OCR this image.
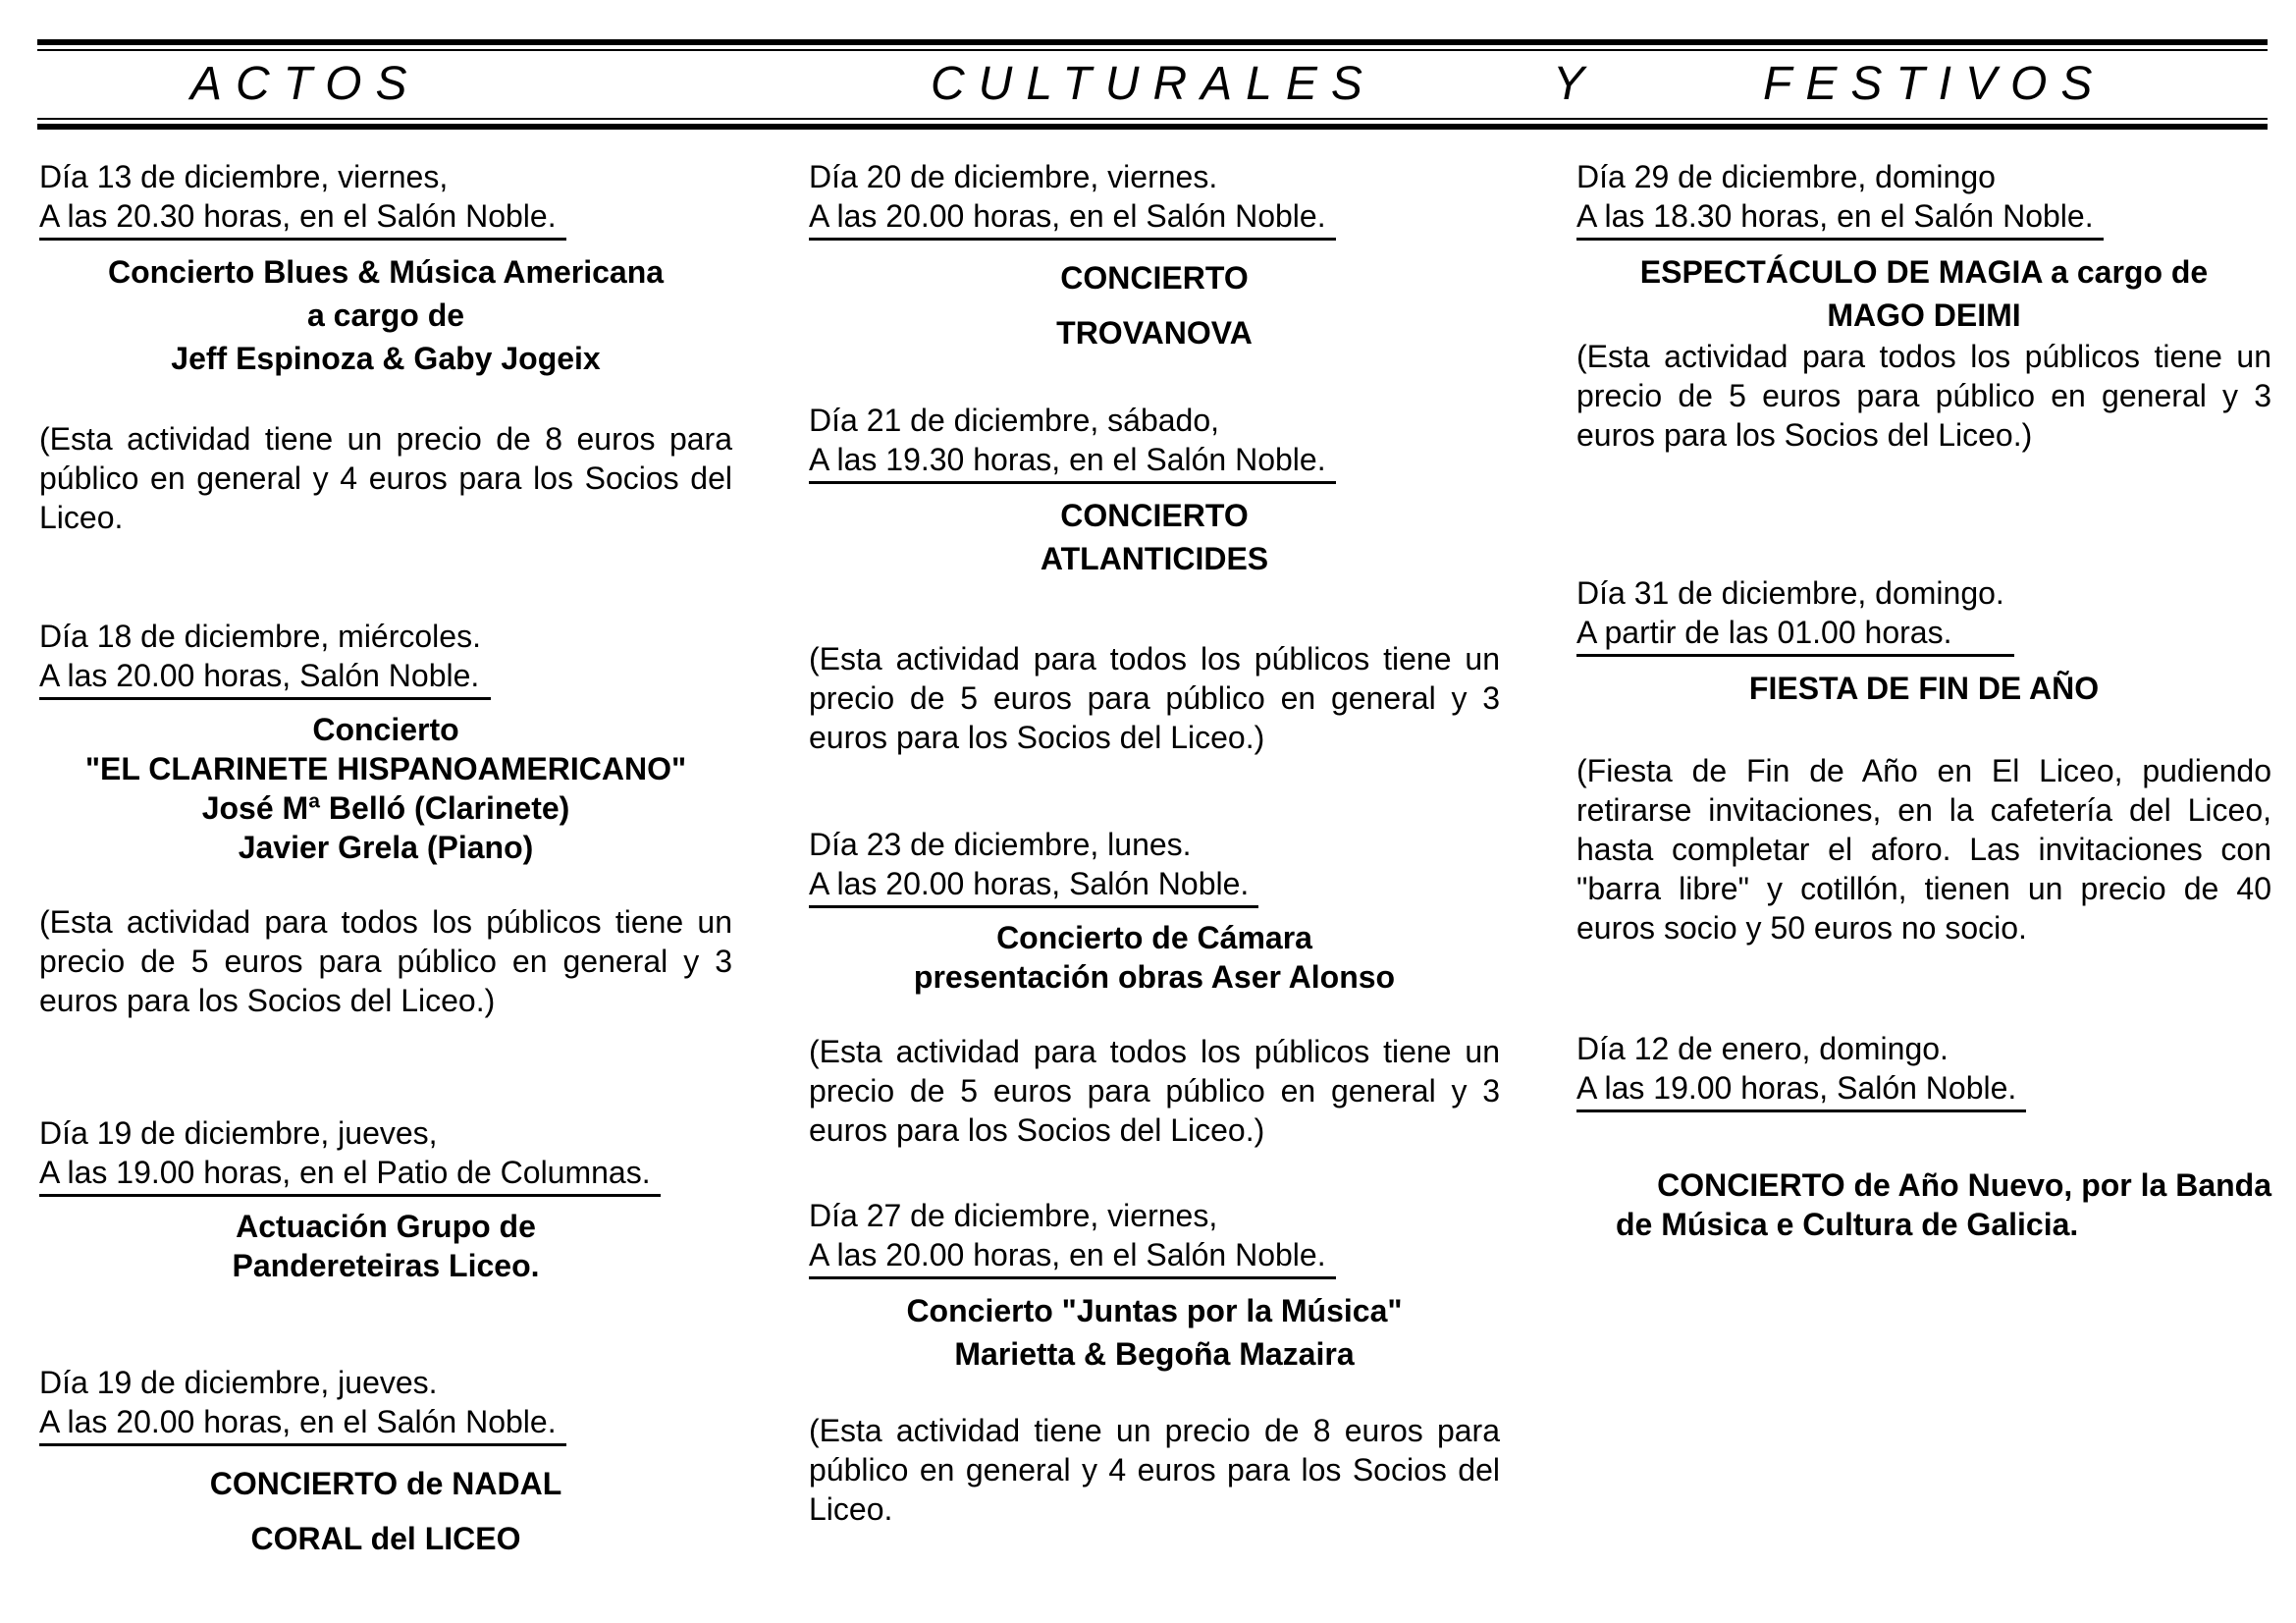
ACTOS	CULTURALES	Y	FESTIVOS

Día 13 de diciembre, viernes,

A las 20.30 horas, en el Salón Noble.

Concierto Blues & Música Americana

a cargo de

Jeff Espinoza & Gaby Jogeix

(Esta actividad tiene un precio de 8 euros para público en general y 4 euros para los Socios del Liceo.

Día 18 de diciembre, miércoles.

A las 20.00 horas, Salón Noble.

Concierto

"EL CLARINETE HISPANOAMERICANO"

José Mª Belló (Clarinete)

Javier Grela (Piano)

(Esta actividad para todos los públicos tiene un precio de 5 euros para público en general y 3 euros para los Socios del Liceo.)

Día 19 de diciembre, jueves,

A las 19.00 horas, en el Patio de Columnas.

Actuación Grupo de

Pandereteiras Liceo.

Día 19 de diciembre, jueves.

A las 20.00 horas, en el Salón Noble.

CONCIERTO de NADAL

CORAL del LICEO

Día 20 de diciembre, viernes.

A las 20.00 horas, en el Salón Noble.

CONCIERTO

TROVANOVA

Día 21 de diciembre, sábado,

A las 19.30 horas, en el Salón Noble.

CONCIERTO

ATLANTICIDES

(Esta actividad para todos los públicos tiene un precio de 5 euros para público en general y 3 euros para los Socios del Liceo.)

Día 23 de diciembre, lunes.

A las 20.00 horas, Salón Noble.

Concierto de Cámara

presentación obras Aser Alonso

(Esta actividad para todos los públicos tiene un precio de 5 euros para público en general y 3 euros para los Socios del Liceo.)

Día 27 de diciembre, viernes,

A las 20.00 horas, en el Salón Noble.

Concierto "Juntas por la Música"

Marietta & Begoña Mazaira

(Esta actividad tiene un precio de 8 euros para público en general y 4 euros para los Socios del Liceo.

Día 29 de diciembre, domingo

A las 18.30 horas, en el Salón Noble.

ESPECTÁCULO DE MAGIA a cargo de

MAGO DEIMI

(Esta actividad para todos los públicos tiene un precio de 5 euros para público en general y 3 euros para los Socios del Liceo.)

Día 31 de diciembre, domingo.

A partir de las 01.00 horas.

FIESTA DE FIN DE AÑO

(Fiesta de Fin de Año en El Liceo, pudiendo retirarse invitaciones, en la cafetería del Liceo, hasta completar el aforo. Las invitaciones con "barra libre" y cotillón, tienen un precio de 40 euros socio y 50 euros no socio.

Día 12 de enero, domingo.

A las 19.00 horas, Salón Noble.

CONCIERTO de Año Nuevo, por la Banda

de Música e Cultura de Galicia.
